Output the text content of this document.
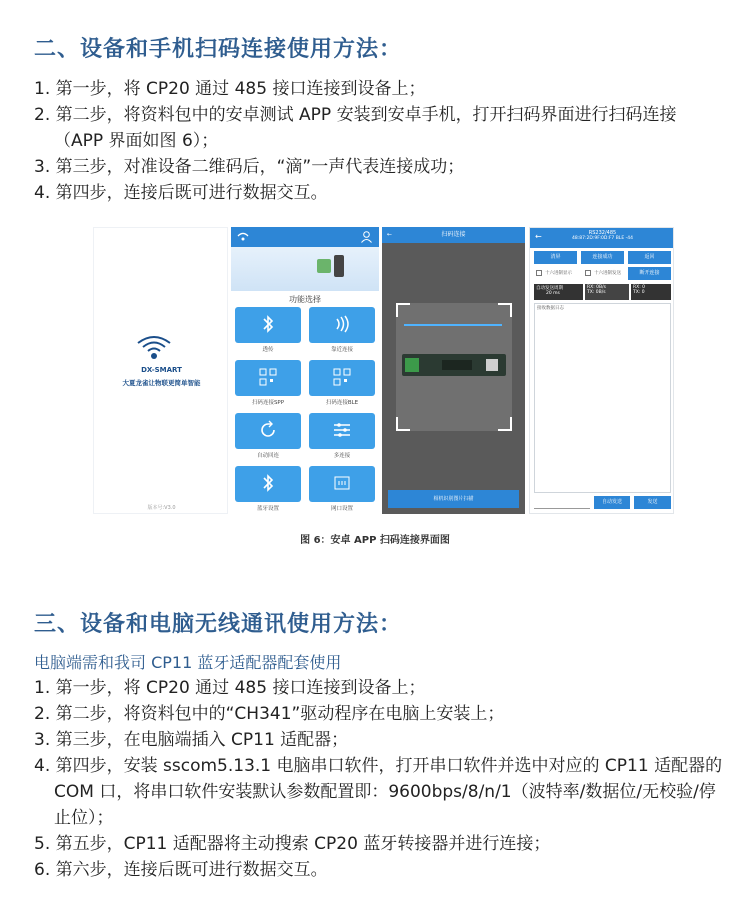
二、设备和手机扫码连接使用方法：

1. 第一步，将 CP20 通过 485 接口连接到设备上；

2. 第二步，将资料包中的安卓测试 APP 安装到安卓手机，打开扫码界面进行扫码连接（APP 界面如图 6）；

3. 第三步，对准设备二维码后，“滴”一声代表连接成功；

4. 第四步，连接后既可进行数据交互。

DX-SMART
大夏龙雀让物联更简单智能
版本号:V3.0
功能选择
透传	靠近连接
扫码连接SPP	扫码连接BLE
自动回连	多连接
蓝牙设置	网口设置
←	扫码连接
相机识别图片扫描
←	RS232/485
48:87:2D:9F:0D:F7 BLE -44
清屏	连接成功	返回
十六进制显示	十六进制发送	断开连接
自动发送周期
20 ms
RX: 0B/s
TX: 0B/s
RX: 0
TX: 0
接收数据日志
自动发送	发送
图 6：安卓 APP 扫码连接界面图
三、设备和电脑无线通讯使用方法：
电脑端需和我司 CP11 蓝牙适配器配套使用

1. 第一步，将 CP20 通过 485 接口连接到设备上；

2. 第二步，将资料包中的“CH341”驱动程序在电脑上安装上；

3. 第三步，在电脑端插入 CP11 适配器；

4. 第四步，安装 sscom5.13.1 电脑串口软件，打开串口软件并选中对应的 CP11 适配器的 COM 口，将串口软件安装默认参数配置即：9600bps/8/n/1（波特率/数据位/无校验/停止位）；

5. 第五步，CP11 适配器将主动搜索 CP20 蓝牙转接器并进行连接；

6. 第六步，连接后既可进行数据交互。
